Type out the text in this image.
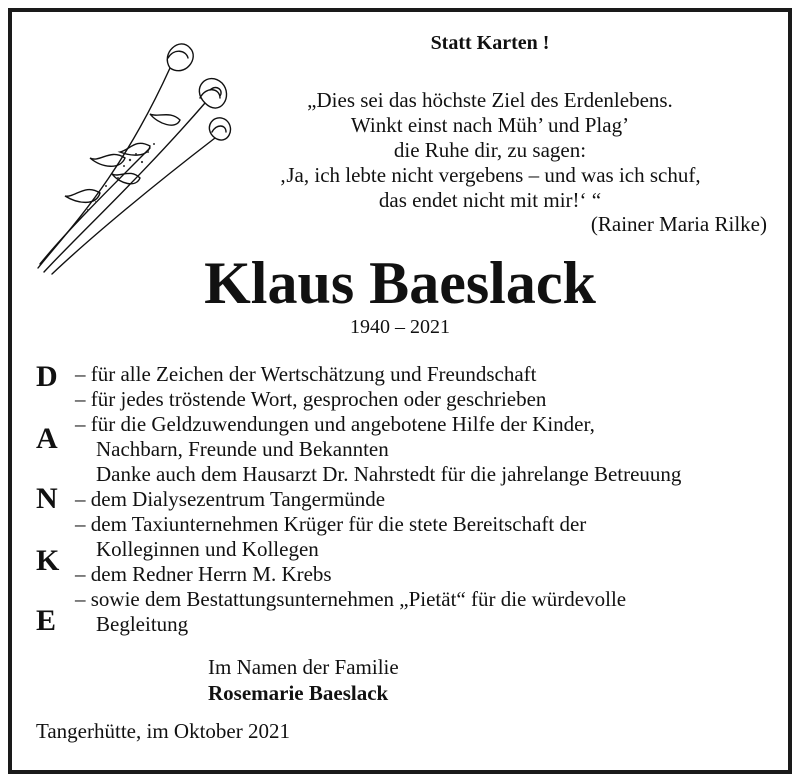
Statt Karten !
„Dies sei das höchste Ziel des Erdenlebens.
Winkt einst nach Müh’ und Plag’
die Ruhe dir, zu sagen:
‚Ja, ich lebte nicht vergebens – und was ich schuf,
das endet nicht mit mir!‘ “
(Rainer Maria Rilke)
Klaus Baeslack
1940 – 2021
D
A
N
K
E
– für alle Zeichen der Wertschätzung und Freundschaft
– für jedes tröstende Wort, gesprochen oder geschrieben
– für die Geldzuwendungen und angebotene Hilfe der Kinder,
Nachbarn, Freunde und Bekannten
Danke auch dem Hausarzt Dr. Nahrstedt für die jahrelange Betreuung
– dem Dialysezentrum Tangermünde
– dem Taxiunternehmen Krüger für die stete Bereitschaft der
Kolleginnen und Kollegen
– dem Redner Herrn M. Krebs
– sowie dem Bestattungsunternehmen „Pietät“ für die würdevolle
Begleitung
Im Namen der Familie
Rosemarie Baeslack
Tangerhütte, im Oktober 2021
